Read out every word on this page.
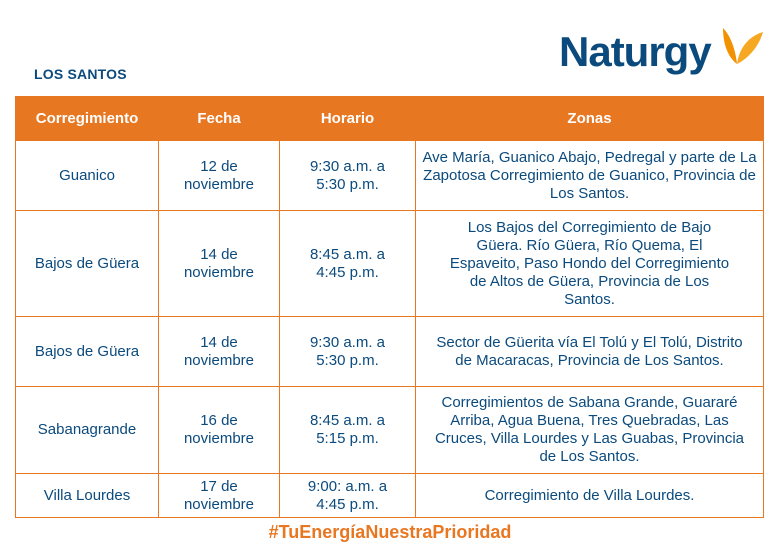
LOS SANTOS	Naturgy
Corregimiento	Fecha	Horario	Zonas
Guanico	12 de noviembre	9:30 a.m. a 5:30 p.m.	Ave María, Guanico Abajo, Pedregal y parte de La Zapotosa Corregimiento de Guanico, Provincia de Los Santos.
Bajos de Güera	14 de noviembre	8:45 a.m. a 4:45 p.m.	Los Bajos del Corregimiento de Bajo Güera. Río Güera, Río Quema, El Espaveito, Paso Hondo del Corregimiento de Altos de Güera, Provincia de Los Santos.
Bajos de Güera	14 de noviembre	9:30 a.m. a 5:30 p.m.	Sector de Güerita vía El Tolú y El Tolú, Distrito de Macaracas, Provincia de Los Santos.
Sabanagrande	16 de noviembre	8:45 a.m. a 5:15 p.m.	Corregimientos de Sabana Grande, Guararé Arriba, Agua Buena, Tres Quebradas, Las Cruces, Villa Lourdes y Las Guabas, Provincia de Los Santos.
Villa Lourdes	17 de noviembre	9:00: a.m. a 4:45 p.m.	Corregimiento de Villa Lourdes.
#TuEnergíaNuestraPrioridad
